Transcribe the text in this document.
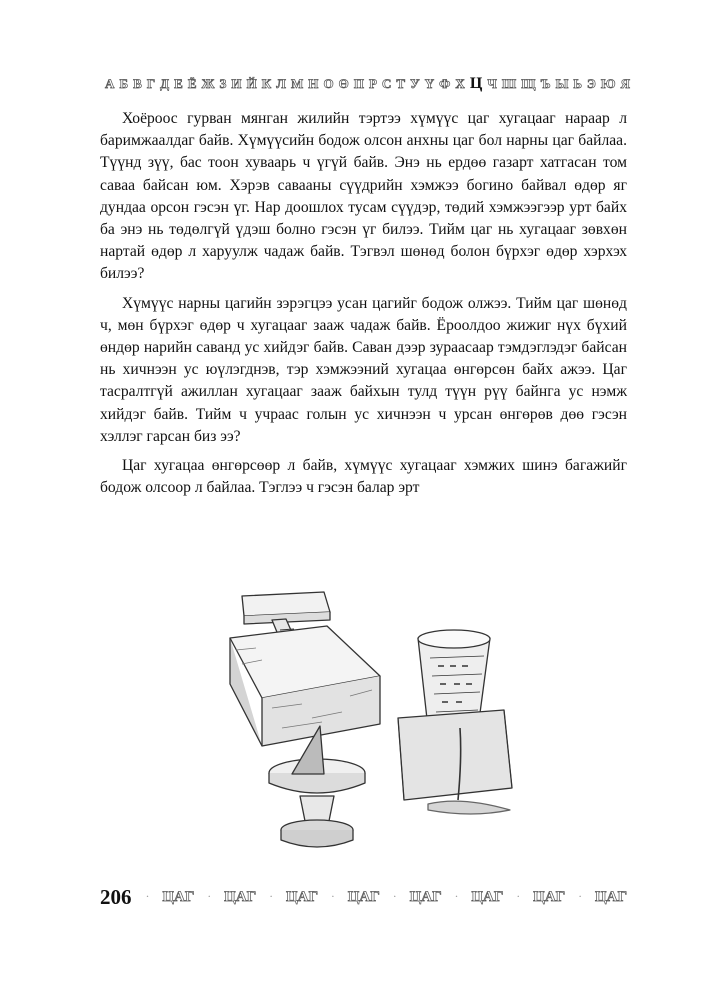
А Б В Г Д Е Ё Ж З И Й К Л М Н О Ө П Р С Т У Ү Ф Х Ц Ч Ш Щ Ъ Ы Ь Э Ю Я

Хоёроос гурван мянган жилийн тэртээ хүмүүс цаг хугацааг нараар л баримжаалдаг байв. Хүмүүсийн бодож олсон анхны цаг бол нарны цаг байлаа. Түүнд зүү, бас тоон хуваарь ч үгүй байв. Энэ нь ердөө газарт хатгасан том саваа байсан юм. Хэрэв савааны сүүдрийн хэмжээ богино байвал өдөр яг дундаа орсон гэсэн үг. Нар доошлох тусам сүүдэр, төдий хэмжээгээр урт байх ба энэ нь төдөлгүй үдэш болно гэсэн үг билээ. Тийм цаг нь хугацааг зөвхөн нартай өдөр л харуулж чадаж байв. Тэгвэл шөнөд болон бүрхэг өдөр хэрхэх билээ?

Хүмүүс нарны цагийн зэрэгцээ усан цагийг бодож олжээ. Тийм цаг шөнөд ч, мөн бүрхэг өдөр ч хугацааг зааж чадаж байв. Ёроолдоо жижиг нүх бүхий өндөр нарийн саванд ус хийдэг байв. Саван дээр зураасаар тэмдэглэдэг байсан нь хичнээн ус юүлэгднэв, тэр хэмжээний хугацаа өнгөрсөн байх ажээ. Цаг тасралтгүй ажиллан хугацааг зааж байхын тулд түүн рүү байнга ус нэмж хийдэг байв. Тийм ч учраас голын ус хичнээн ч урсан өнгөрөв дөө гэсэн хэллэг гарсан биз ээ?

Цаг хугацаа өнгөрсөөр л байв, хүмүүс хугацааг хэмжих шинэ багажийг бодож олсоор л байлаа. Тэглээ ч гэсэн балар эрт

206 · ЦАГ · ЦАГ · ЦАГ · ЦАГ · ЦАГ · ЦАГ · ЦАГ · ЦАГ
